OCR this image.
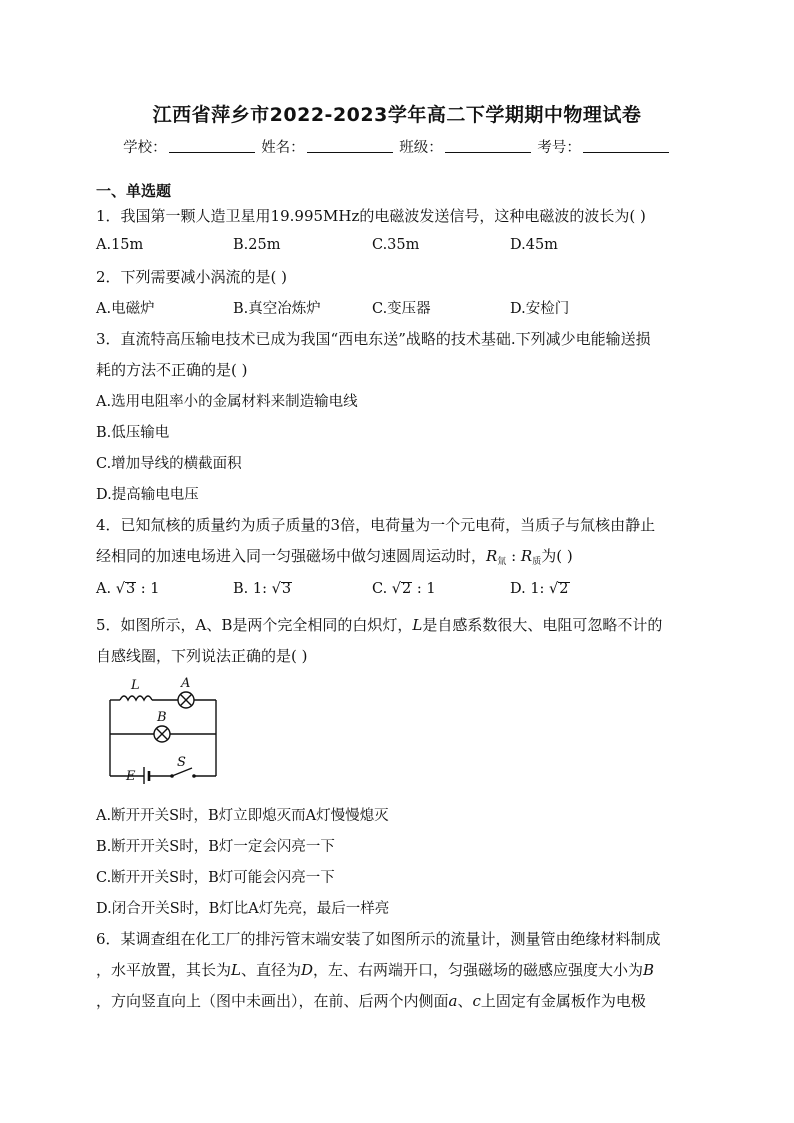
江西省萍乡市2022-2023学年高二下学期期中物理试卷
学校：	姓名：	班级：	考号：
一、单选题
1．我国第一颗人造卫星用19.995MHz的电磁波发送信号，这种电磁波的波长为( )
A.15m	B.25m	C.35m	D.45m
2．下列需要减小涡流的是( )
A.电磁炉	B.真空冶炼炉	C.变压器	D.安检门
3．直流特高压输电技术已成为我国“西电东送”战略的技术基础.下列减少电能输送损
耗的方法不正确的是( )
A.选用电阻率小的金属材料来制造输电线
B.低压输电
C.增加导线的横截面积
D.提高输电电压
4．已知氚核的质量约为质子质量的3倍，电荷量为一个元电荷，当质子与氚核由静止
经相同的加速电场进入同一匀强磁场中做匀速圆周运动时，$R_氚$ : $R_质$为( )
A. √3 : 1	B. 1: √3	C. √2 : 1	D. 1: √2
5．如图所示，A、B是两个完全相同的白炽灯，L是自感系数很大、电阻可忽略不计的
自感线圈，下列说法正确的是( )
L	A
B
E
S
A.断开开关S时，B灯立即熄灭而A灯慢慢熄灭
B.断开开关S时，B灯一定会闪亮一下
C.断开开关S时，B灯可能会闪亮一下
D.闭合开关S时，B灯比A灯先亮，最后一样亮
6．某调查组在化工厂的排污管末端安装了如图所示的流量计，测量管由绝缘材料制成
，水平放置，其长为L、直径为D，左、右两端开口，匀强磁场的磁感应强度大小为B
，方向竖直向上（图中未画出），在前、后两个内侧面a、c上固定有金属板作为电极
